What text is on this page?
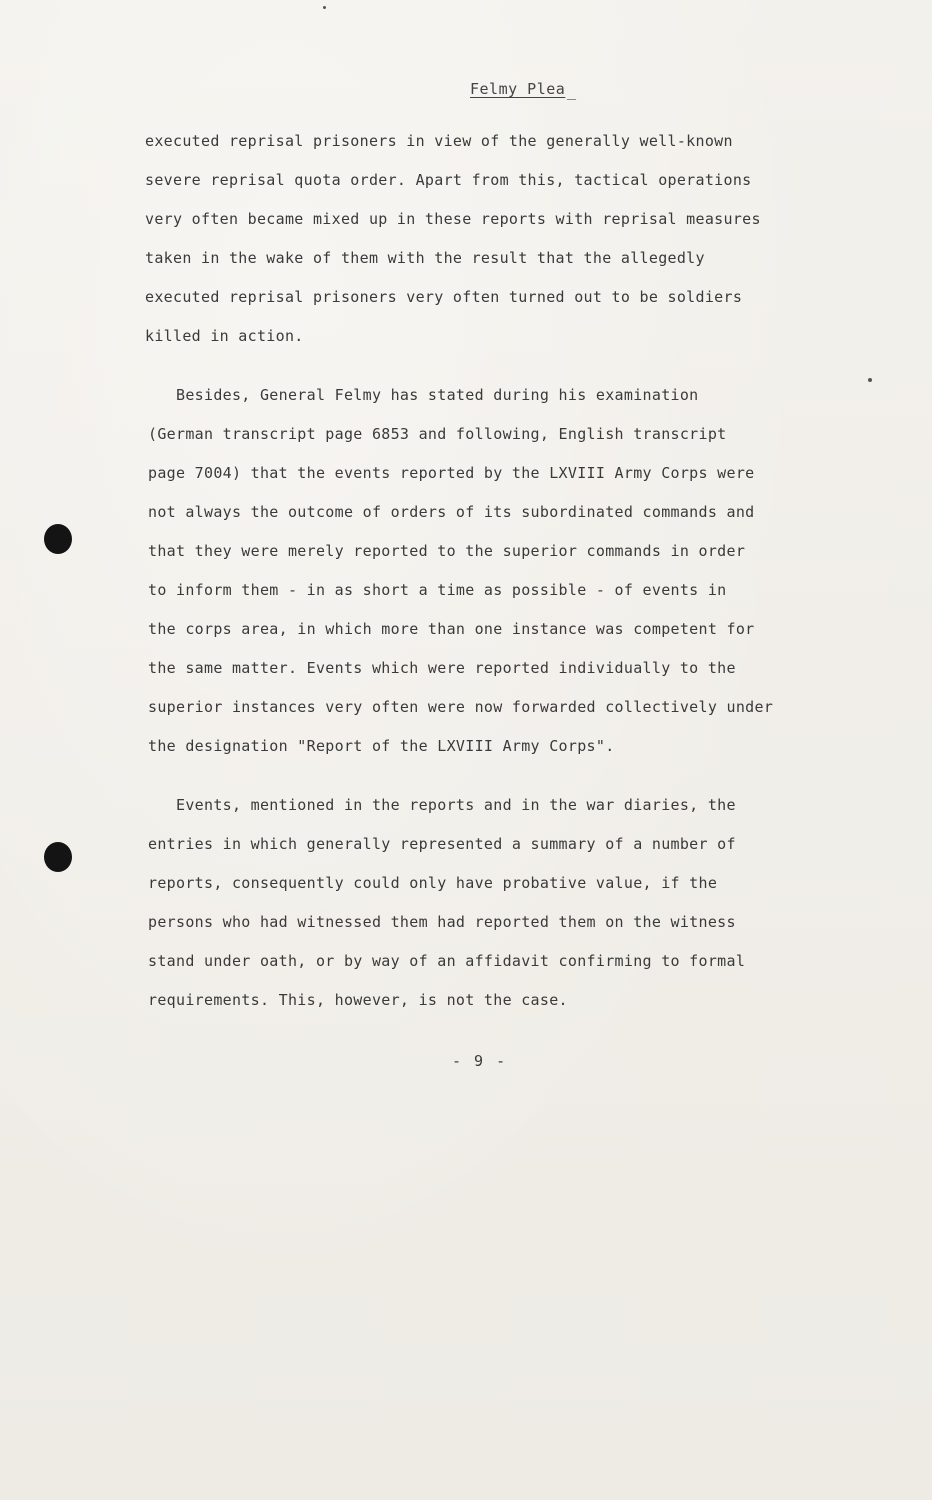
Felmy Plea _
executed reprisal prisoners in view of the generally well-known
severe reprisal quota order. Apart from this, tactical operations
very often became mixed up in these reports with reprisal measures
taken in the wake of them with the result that the allegedly
executed reprisal prisoners very often turned out to be soldiers
killed in action.
Besides, General Felmy has stated during his examination
(German transcript page 6853 and following, English transcript
page 7004) that the events reported by the LXVIII Army Corps were
not always the outcome of orders of its subordinated commands and
that they were merely reported to the superior commands in order
to inform them - in as short a time as possible - of events in
the corps area, in which more than one instance was competent for
the same matter. Events which were reported individually to the
superior instances very often were now forwarded collectively under
the designation "Report of the LXVIII Army Corps".
Events, mentioned in the reports and in the war diaries, the
entries in which generally represented a summary of a number of
reports, consequently could only have probative value, if the
persons who had witnessed them had reported them on the witness
stand under oath, or by way of an affidavit confirming to formal
requirements. This, however, is not the case.
- 9 -
